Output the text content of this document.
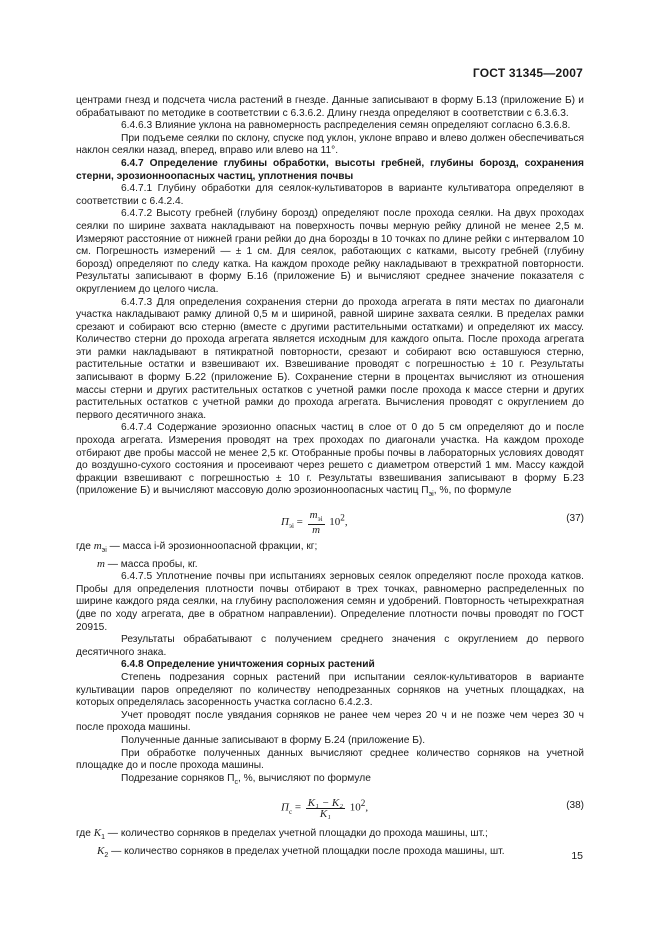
ГОСТ 31345—2007

центрами гнезд и подсчета числа растений в гнезде. Данные записывают в форму Б.13 (приложение Б) и обрабатывают по методике в соответствии с 6.3.6.2. Длину гнезда определяют в соответствии с 6.3.6.3.

6.4.6.3 Влияние уклона на равномерность распределения семян определяют согласно 6.3.6.8.

При подъеме сеялки по склону, спуске под уклон, уклоне вправо и влево должен обеспечиваться наклон сеялки назад, вперед, вправо или влево на 11°.

6.4.7 Определение глубины обработки, высоты гребней, глубины борозд, сохранения стерни, эрозионноопасных частиц, уплотнения почвы

6.4.7.1 Глубину обработки для сеялок-культиваторов в варианте культиватора определяют в соответствии с 6.4.2.4.

6.4.7.2 Высоту гребней (глубину борозд) определяют после прохода сеялки. На двух проходах сеялки по ширине захвата накладывают на поверхность почвы мерную рейку длиной не менее 2,5 м. Измеряют расстояние от нижней грани рейки до дна борозды в 10 точках по длине рейки с интервалом 10 см. Погрешность измерений — ± 1 см. Для сеялок, работающих с катками, высоту гребней (глубину борозд) определяют по следу катка. На каждом проходе рейку накладывают в трехкратной повторности. Результаты записывают в форму Б.16 (приложение Б) и вычисляют среднее значение показателя с округлением до целого числа.

6.4.7.3 Для определения сохранения стерни до прохода агрегата в пяти местах по диагонали участка накладывают рамку длиной 0,5 м и шириной, равной ширине захвата сеялки. В пределах рамки срезают и собирают всю стерню (вместе с другими растительными остатками) и определяют их массу. Количество стерни до прохода агрегата является исходным для каждого опыта. После прохода агрегата эти рамки накладывают в пятикратной повторности, срезают и собирают всю оставшуюся стерню, растительные остатки и взвешивают их. Взвешивание проводят с погрешностью ± 10 г. Результаты записывают в форму Б.22 (приложение Б). Сохранение стерни в процентах вычисляют из отношения массы стерни и других растительных остатков с учетной рамки после прохода к массе стерни и других растительных остатков с учетной рамки до прохода агрегата. Вычисления проводят с округлением до первого десятичного знака.

6.4.7.4 Содержание эрозионно опасных частиц в слое от 0 до 5 см определяют до и после прохода агрегата. Измерения проводят на трех проходах по диагонали участка. На каждом проходе отбирают две пробы массой не менее 2,5 кг. Отобранные пробы почвы в лабораторных условиях доводят до воздушно-сухого состояния и просеивают через решето с диаметром отверстий 1 мм. Массу каждой фракции взвешивают с погрешностью ± 10 г. Результаты взвешивания записывают в форму Б.23 (приложение Б) и вычисляют массовую долю эрозионноопасных частиц $П_{эi}$, %, по формуле

$П_{эi} = \frac{m_{эi}}{m} 10^2$,	(37)
где $m_{эi}$ — масса i-й эрозионноопасной фракции, кг;
m — масса пробы, кг.

6.4.7.5 Уплотнение почвы при испытаниях зерновых сеялок определяют после прохода катков. Пробы для определения плотности почвы отбирают в трех точках, равномерно распределенных по ширине каждого ряда сеялки, на глубину расположения семян и удобрений. Повторность четырехкратная (две по ходу агрегата, две в обратном направлении). Определение плотности почвы проводят по ГОСТ 20915.

Результаты обрабатывают с получением среднего значения с округлением до первого десятичного знака.

6.4.8 Определение уничтожения сорных растений

Степень подрезания сорных растений при испытании сеялок-культиваторов в варианте культивации паров определяют по количеству неподрезанных сорняков на учетных площадках, на которых определялась засоренность участка согласно 6.4.2.3.

Учет проводят после увядания сорняков не ранее чем через 20 ч и не позже чем через 30 ч после прохода машины.

Полученные данные записывают в форму Б.24 (приложение Б).

При обработке полученных данных вычисляют среднее количество сорняков на учетной площадке до и после прохода машины.

Подрезание сорняков $П_с$, %, вычисляют по формуле

$П_с = \frac{\text{K₁ − K₂}}{\text{K₁}} 10^2$,	(38)
где $K_1$ — количество сорняков в пределах учетной площадки до прохода машины, шт.;
$K_2$ — количество сорняков в пределах учетной площадки после прохода машины, шт.	15
